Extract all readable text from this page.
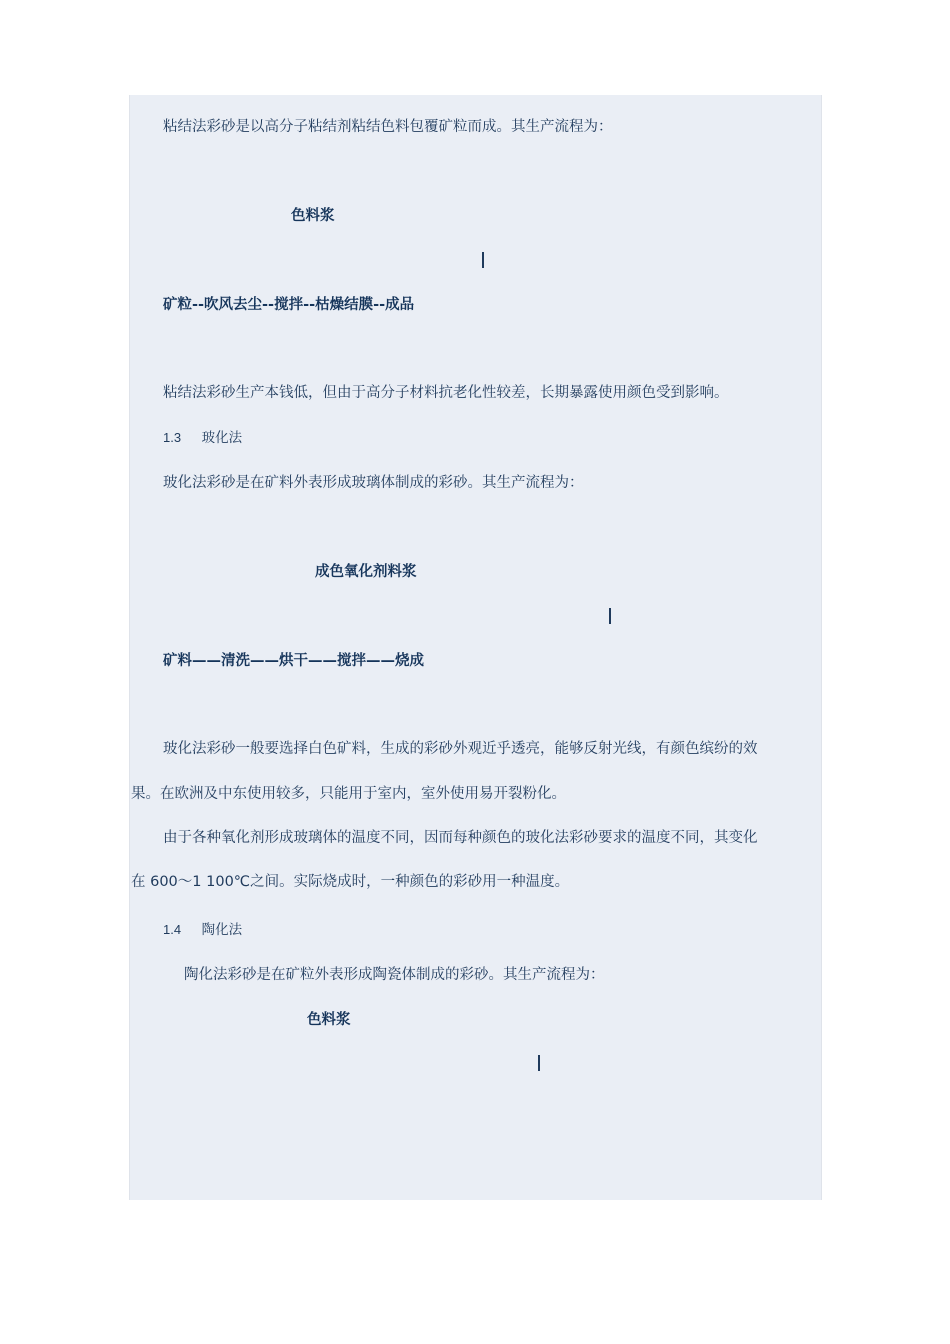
粘结法彩砂是以高分子粘结剂粘结色料包覆矿粒而成。其生产流程为：
色料浆
矿粒--吹风去尘--搅拌--枯燥结膜--成品
粘结法彩砂生产本钱低，但由于高分子材料抗老化性较差，长期暴露使用颜色受到影响。
1.3 玻化法
玻化法彩砂是在矿料外表形成玻璃体制成的彩砂。其生产流程为：
成色氧化剂料浆
矿料——清洗——烘干——搅拌——烧成
玻化法彩砂一般要选择白色矿料，生成的彩砂外观近乎透亮，能够反射光线，有颜色缤纷的效
果。在欧洲及中东使用较多，只能用于室内，室外使用易开裂粉化。
由于各种氧化剂形成玻璃体的温度不同，因而每种颜色的玻化法彩砂要求的温度不同，其变化
在 600～1 100℃之间。实际烧成时，一种颜色的彩砂用一种温度。
1.4 陶化法
陶化法彩砂是在矿粒外表形成陶瓷体制成的彩砂。其生产流程为：
色料浆
